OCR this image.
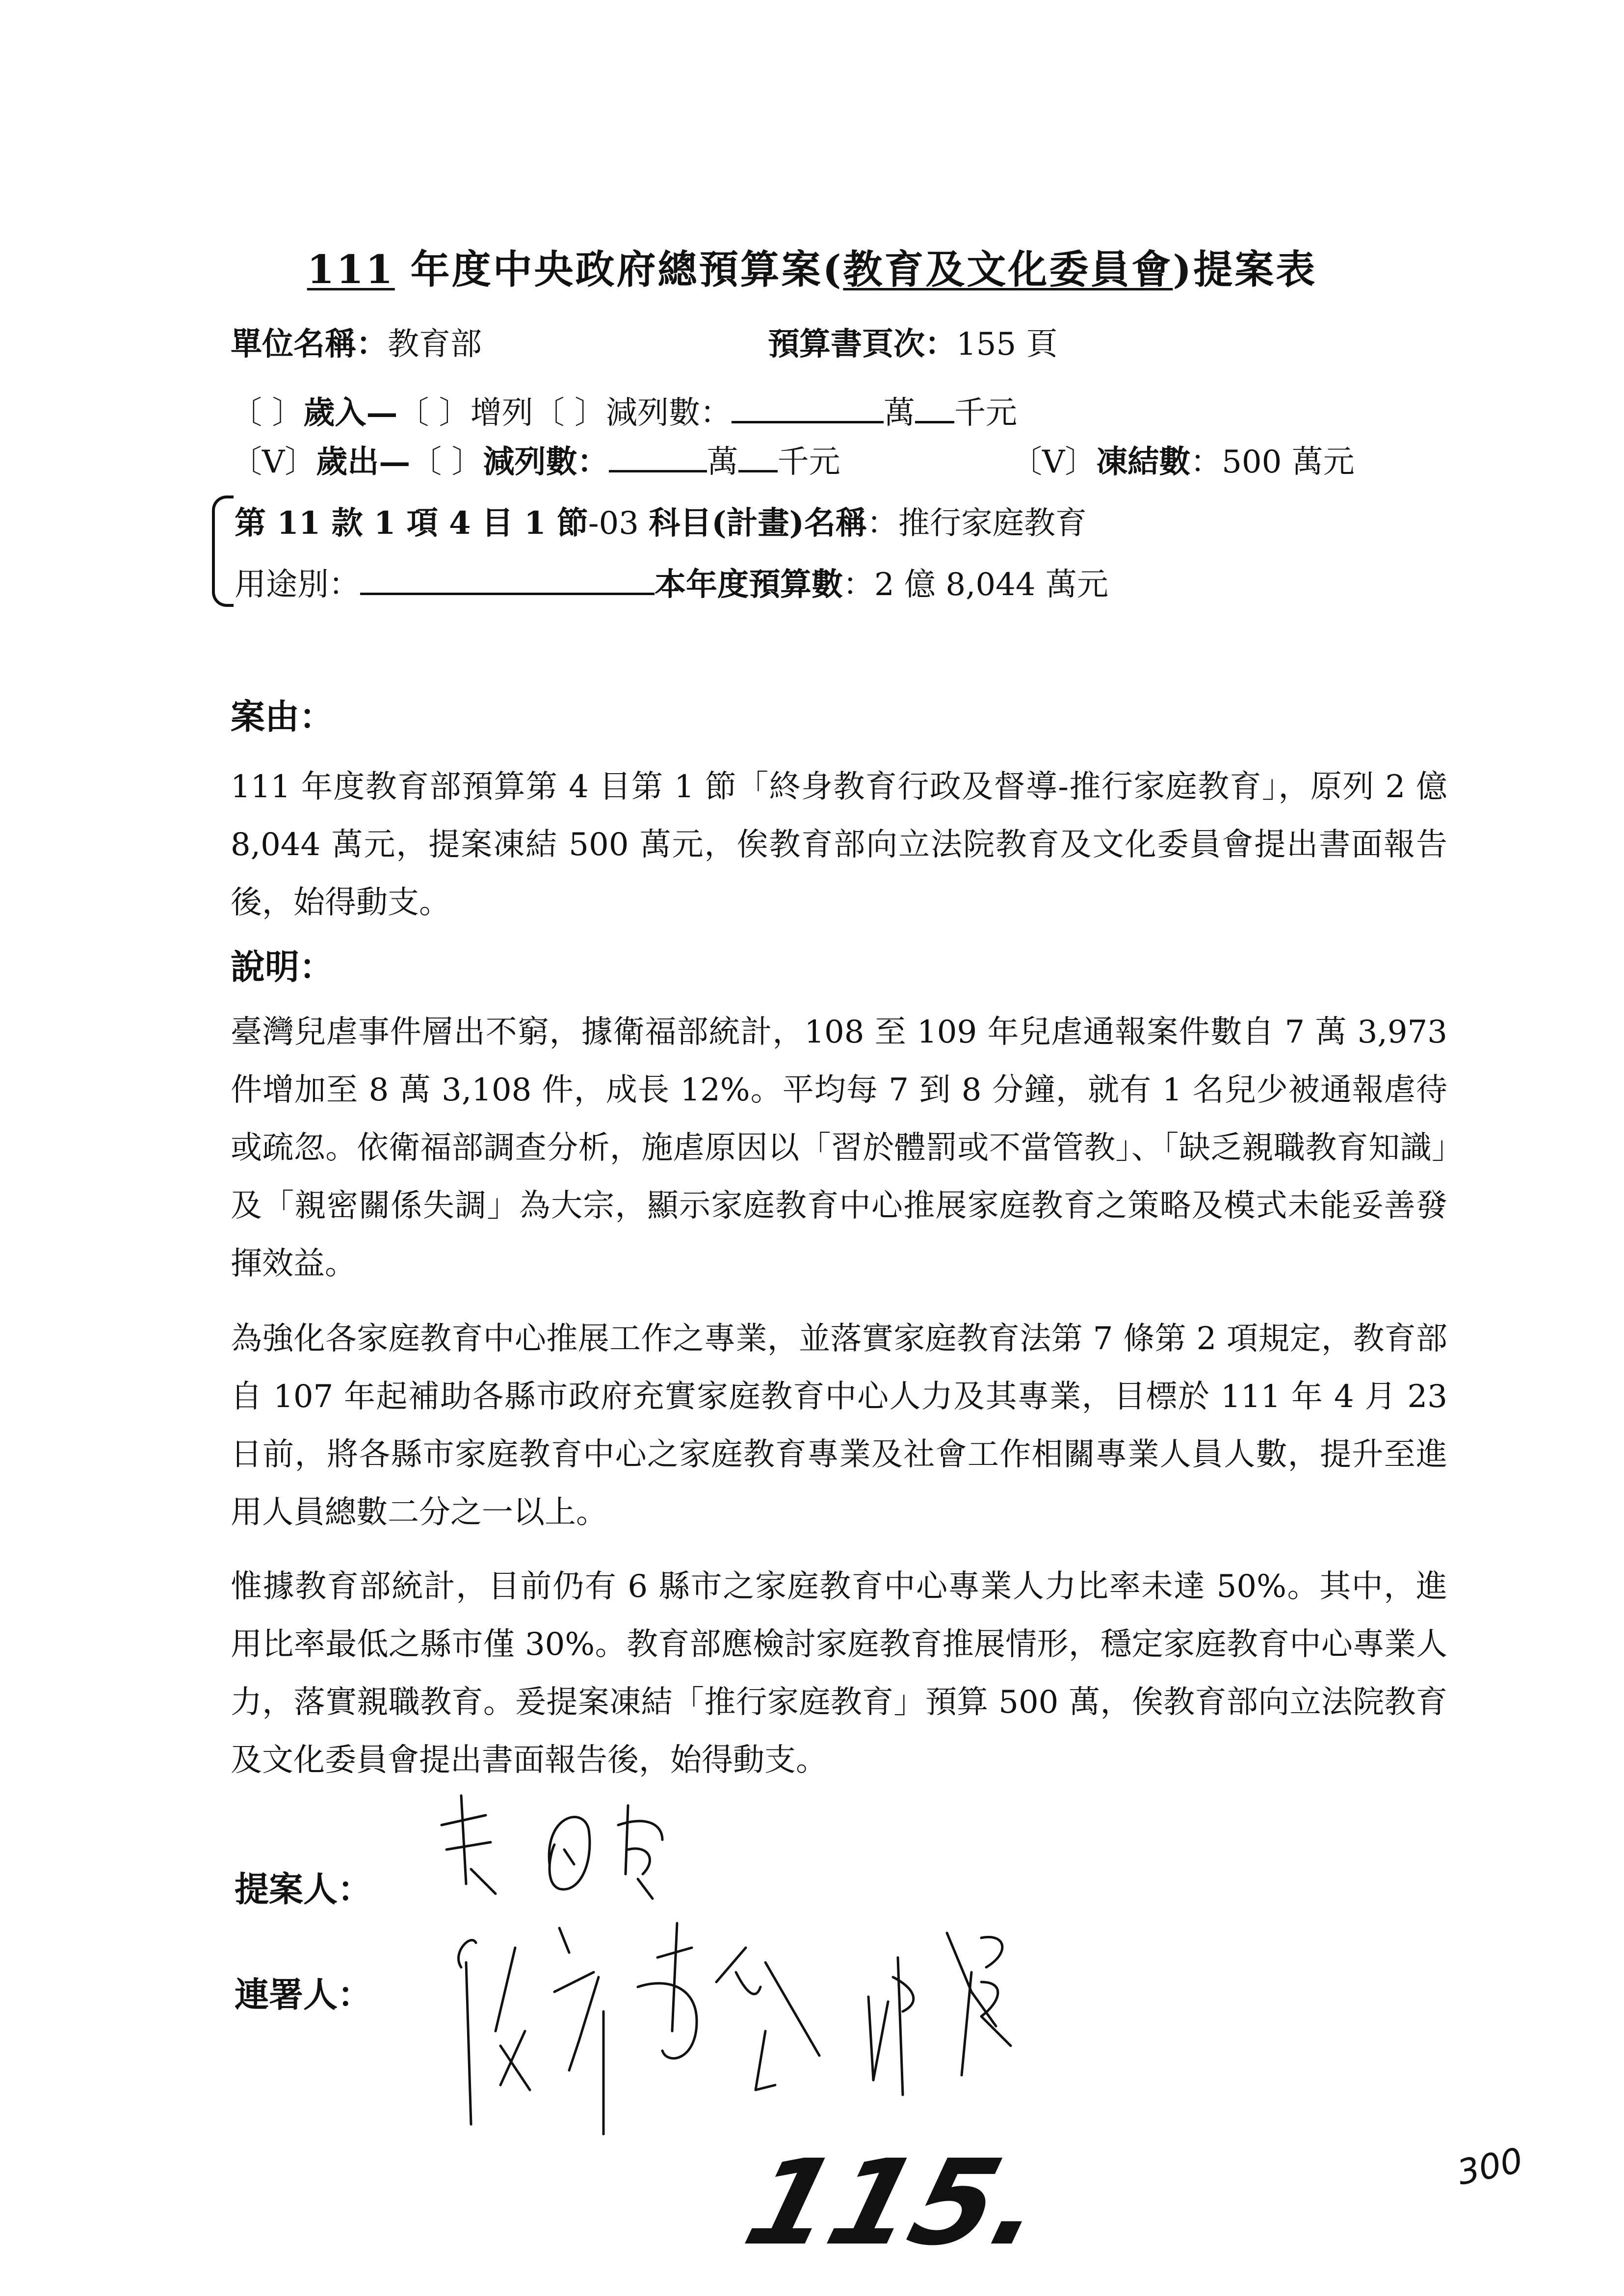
111 年度中央政府總預算案(教育及文化委員會)提案表
單位名稱：教育部	預算書頁次：155 頁
〔 〕歲入—〔 〕增列〔 〕減列數：	萬 千元
〔V〕歲出—〔 〕減列數：	萬 千元	〔V〕凍結數：500 萬元
第 11 款 1 項 4 目 1 節-03 科目(計畫)名稱：推行家庭教育
用途別：	本年度預算數：2 億 8,044 萬元
案由：
111 年度教育部預算第 4 目第 1 節「終身教育行政及督導-推行家庭教育」，原列 2 億 8,044 萬元，提案凍結 500 萬元，俟教育部向立法院教育及文化委員會提出書面報告後，始得動支。
說明：
臺灣兒虐事件層出不窮，據衛福部統計，108 至 109 年兒虐通報案件數自 7 萬 3,973 件增加至 8 萬 3,108 件，成長 12%。平均每 7 到 8 分鐘，就有 1 名兒少被通報虐待或疏忽。依衛福部調查分析，施虐原因以「習於體罰或不當管教」、「缺乏親職教育知識」及「親密關係失調」為大宗，顯示家庭教育中心推展家庭教育之策略及模式未能妥善發揮效益。
為強化各家庭教育中心推展工作之專業，並落實家庭教育法第 7 條第 2 項規定，教育部自 107 年起補助各縣市政府充實家庭教育中心人力及其專業，目標於 111 年 4 月 23 日前，將各縣市家庭教育中心之家庭教育專業及社會工作相關專業人員人數，提升至進用人員總數二分之一以上。
惟據教育部統計，目前仍有 6 縣市之家庭教育中心專業人力比率未達 50%。其中，進用比率最低之縣市僅 30%。教育部應檢討家庭教育推展情形，穩定家庭教育中心專業人力，落實親職教育。爰提案凍結「推行家庭教育」預算 500 萬，俟教育部向立法院教育及文化委員會提出書面報告後，始得動支。
提案人：
連署人：
115.	300
